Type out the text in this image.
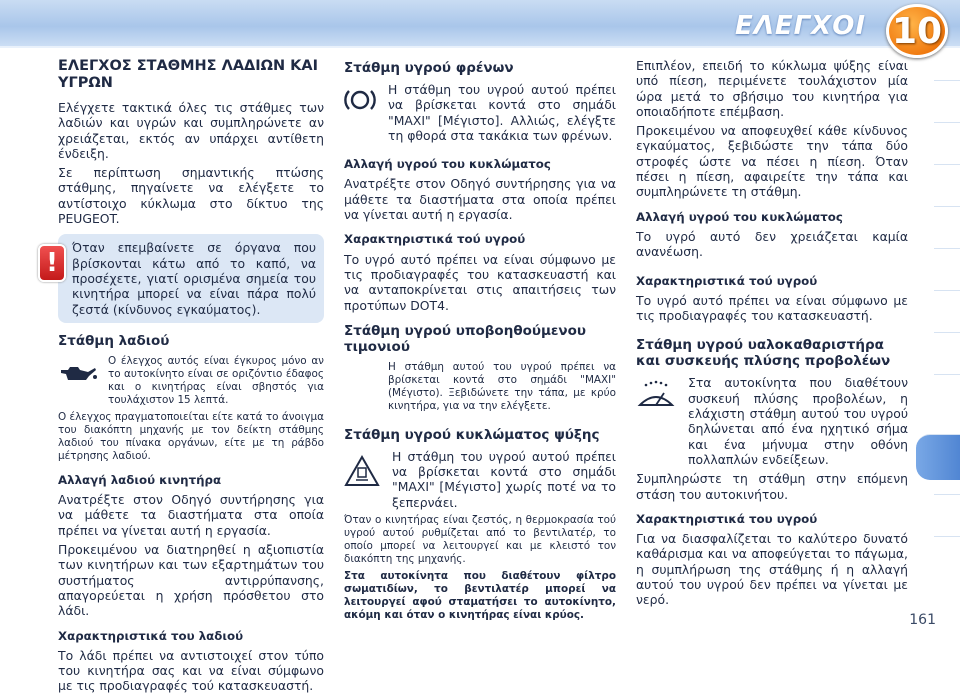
ΕΛΕΓΧΟΙ 10
ΕΛΕΓΧΟΣ ΣΤΑΘΜΗΣ ΛΑΔΙΩΝ ΚΑΙ ΥΓΡΩΝ

Ελέγχετε τακτικά όλες τις στάθμες των λαδιών και υγρών και συμπληρώνετε αν χρειάζεται, εκτός αν υπάρχει αντίθετη ένδειξη.

Σε περίπτωση σημαντικής πτώσης στάθμης, πηγαίνετε να ελέγξετε το αντίστοιχο κύκλωμα στο δίκτυο της PEUGEOT.

!	Όταν επεμβαίνετε σε όργανα που βρίσκονται κάτω από το καπό, να προσέχετε, γιατί ορισμένα σημεία του κινητήρα μπορεί να είναι πάρα πολύ ζεστά (κίνδυνος εγκαύματος).

Στάθμη λαδιού

Ο έλεγχος αυτός είναι έγκυρος μόνο αν το αυτοκίνητο είναι σε οριζόντιο έδαφος και ο κινητήρας είναι σβηστός για τουλάχιστον 15 λεπτά.

Ο έλεγχος πραγματοποιείται είτε κατά το άνοιγμα του διακόπτη μηχανής με τον δείκτη στάθμης λαδιού του πίνακα οργάνων, είτε με τη ράβδο μέτρησης λαδιού.

Αλλαγή λαδιού κινητήρα

Ανατρέξτε στον Οδηγό συντήρησης για να μάθετε τα διαστήματα στα οποία πρέπει να γίνεται αυτή η εργασία.

Προκειμένου να διατηρηθεί η αξιοπιστία των κινητήρων και των εξαρτημάτων του συστήματος αντιρρύπανσης, απαγορεύεται η χρήση πρόσθετου στο λάδι.

Χαρακτηριστικά του λαδιού

Το λάδι πρέπει να αντιστοιχεί στον τύπο του κινητήρα σας και να είναι σύμφωνο με τις προδιαγραφές τού κατασκευαστή.

Στάθμη υγρού φρένων

Η στάθμη του υγρού αυτού πρέπει να βρίσκεται κοντά στο σημάδι "MAXI" [Μέγιστο]. Αλλιώς, ελέγξτε τη φθορά στα τακάκια των φρένων.

Αλλαγή υγρού του κυκλώματος

Ανατρέξτε στον Οδηγό συντήρησης για να μάθετε τα διαστήματα στα οποία πρέπει να γίνεται αυτή η εργασία.

Χαρακτηριστικά τού υγρού

Το υγρό αυτό πρέπει να είναι σύμφωνο με τις προδιαγραφές του κατασκευαστή και να ανταποκρίνεται στις απαιτήσεις των προτύπων DOT4.

Στάθμη υγρού υποβοηθούμενου τιμονιού

Η στάθμη αυτού του υγρού πρέπει να βρίσκεται κοντά στο σημάδι "MAXI" (Μέγιστο). Ξεβιδώνετε την τάπα, με κρύο κινητήρα, για να την ελέγξετε.

Στάθμη υγρού κυκλώματος ψύξης

Η στάθμη του υγρού αυτού πρέπει να βρίσκεται κοντά στο σημάδι "MAXI" [Μέγιστο] χωρίς ποτέ να το ξεπερνάει.

Όταν ο κινητήρας είναι ζεστός, η θερμοκρασία τού υγρού αυτού ρυθμίζεται από το βεντιλατέρ, το οποίο μπορεί να λειτουργεί και με κλειστό τον διακόπτη της μηχανής.

Στα αυτοκίνητα που διαθέτουν φίλτρο σωματιδίων, το βεντιλατέρ μπορεί να λειτουργεί αφού σταματήσει το αυτοκίνητο, ακόμη και όταν ο κινητήρας είναι κρύος.

Επιπλέον, επειδή το κύκλωμα ψύξης είναι υπό πίεση, περιμένετε τουλάχιστον μία ώρα μετά το σβήσιμο του κινητήρα για οποιαδήποτε επέμβαση.

Προκειμένου να αποφευχθεί κάθε κίνδυνος εγκαύματος, ξεβιδώστε την τάπα δύο στροφές ώστε να πέσει η πίεση. Όταν πέσει η πίεση, αφαιρείτε την τάπα και συμπληρώνετε τη στάθμη.

Αλλαγή υγρού του κυκλώματος

Το υγρό αυτό δεν χρειάζεται καμία ανανέωση.

Χαρακτηριστικά τού υγρού

Το υγρό αυτό πρέπει να είναι σύμφωνο με τις προδιαγραφές του κατασκευαστή.

Στάθμη υγρού υαλοκαθαριστήρα και συσκευής πλύσης προβολέων

Στα αυτοκίνητα που διαθέτουν συσκευή πλύσης προβολέων, η ελάχιστη στάθμη αυτού του υγρού δηλώνεται από ένα ηχητικό σήμα και ένα μήνυμα στην οθόνη πολλαπλών ενδείξεων.

Συμπληρώστε τη στάθμη στην επόμενη στάση του αυτοκινήτου.

Χαρακτηριστικά του υγρού

Για να διασφαλίζεται το καλύτερο δυνατό καθάρισμα και να αποφεύγεται το πάγωμα, η συμπλήρωση της στάθμης ή η αλλαγή αυτού του υγρού δεν πρέπει να γίνεται με νερό.

161
